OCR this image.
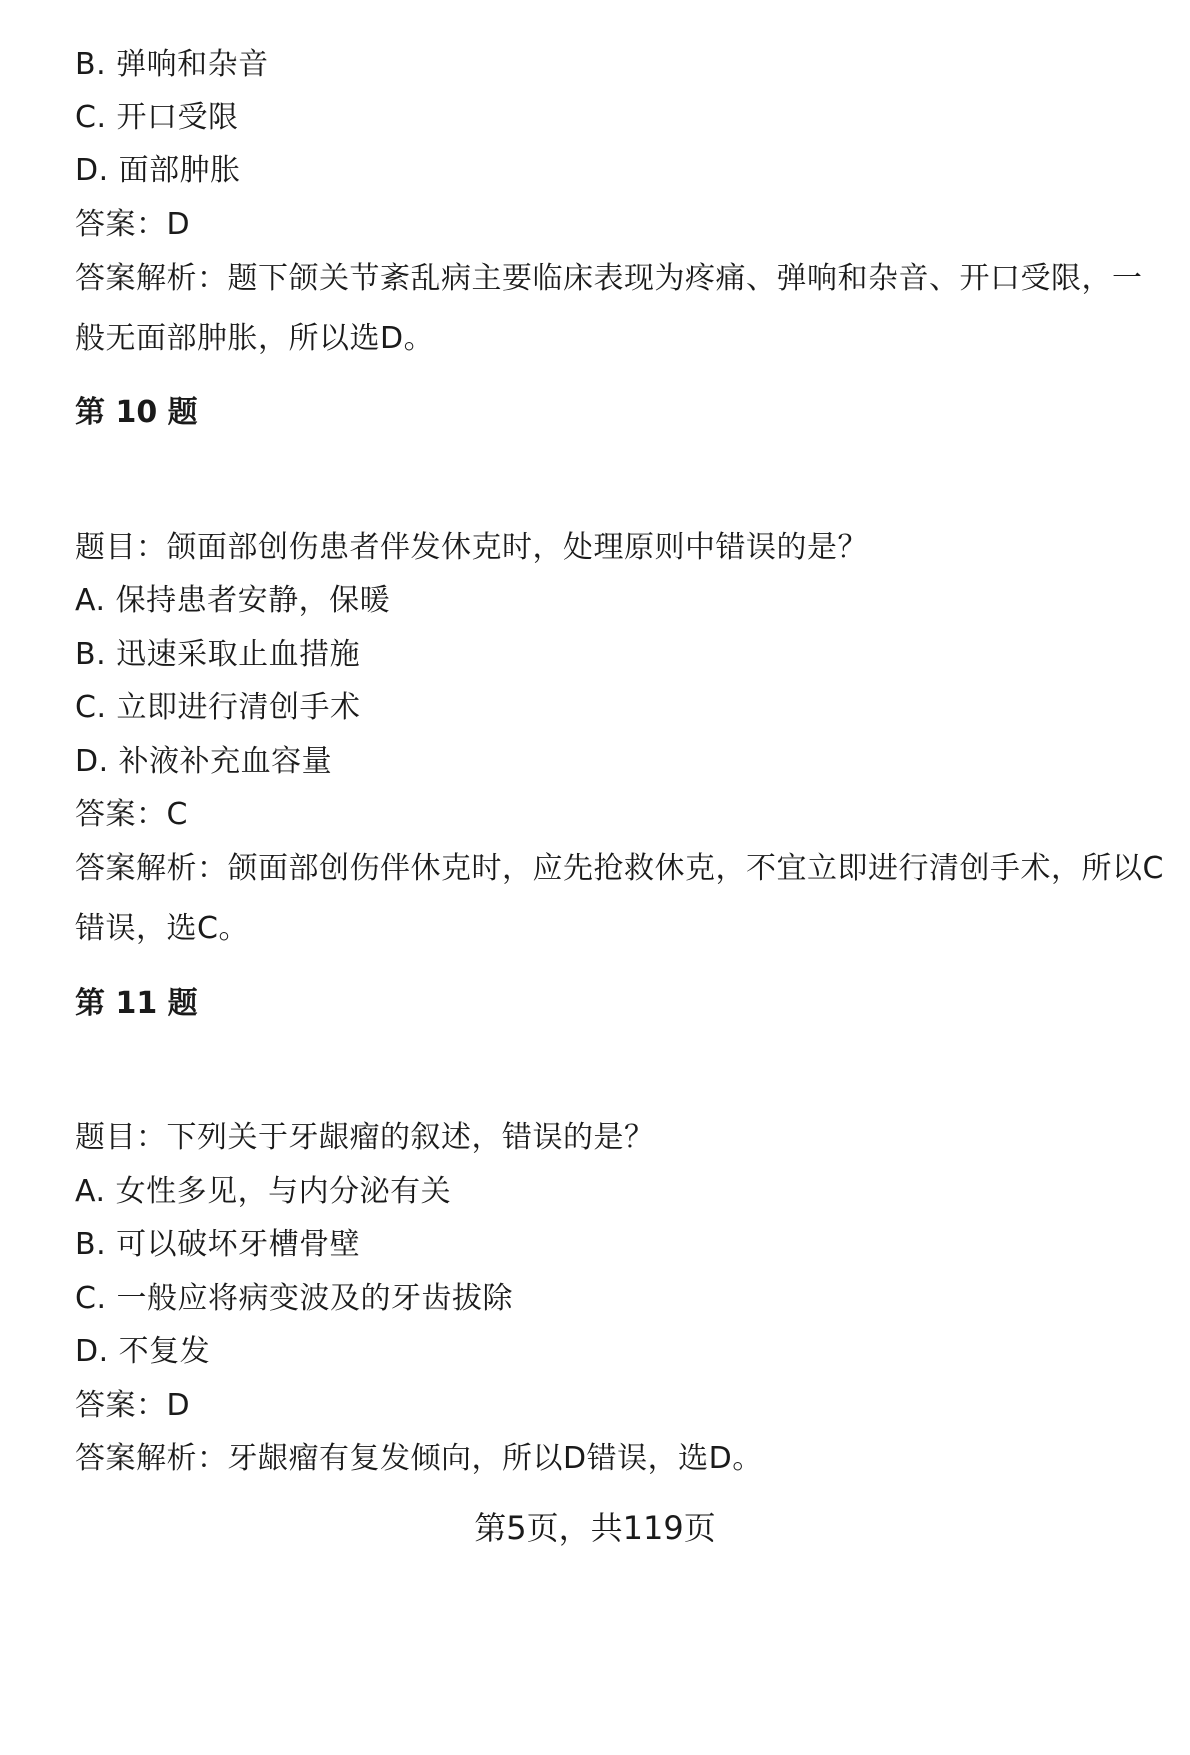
B. 弹响和杂音
C. 开口受限
D. 面部肿胀
答案：D
答案解析：题下颌关节紊乱病主要临床表现为疼痛、弹响和杂音、开口受限，一般无面部肿胀，所以选D。
第 10 题
题目：颌面部创伤患者伴发休克时，处理原则中错误的是？
A. 保持患者安静，保暖
B. 迅速采取止血措施
C. 立即进行清创手术
D. 补液补充血容量
答案：C
答案解析：颌面部创伤伴休克时，应先抢救休克，不宜立即进行清创手术，所以C错误，选C。
第 11 题
题目：下列关于牙龈瘤的叙述，错误的是？
A. 女性多见，与内分泌有关
B. 可以破坏牙槽骨壁
C. 一般应将病变波及的牙齿拔除
D. 不复发
答案：D
答案解析：牙龈瘤有复发倾向，所以D错误，选D。
第5页，共119页
